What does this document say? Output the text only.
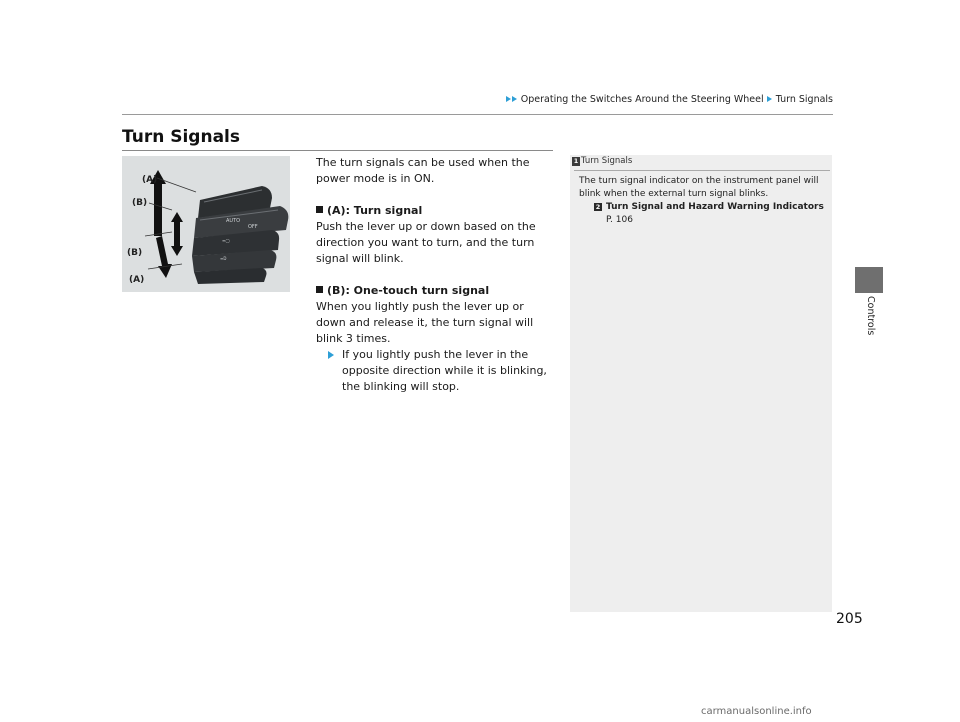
Operating the Switches Around the Steering Wheel Turn Signals
Turn Signals
AUTO
OFF
≡◯
≡D
(A)
(B)
(B)
(A)

The turn signals can be used when the power mode is in ON.

(A): Turn signal

Push the lever up or down based on the direction you want to turn, and the turn signal will blink.

(B): One-touch turn signal

When you lightly push the lever up or down and release it, the turn signal will blink 3 times.

If you lightly push the lever in the opposite direction while it is blinking, the blinking will stop.

1 Turn Signals
The turn signal indicator on the instrument panel will blink when the external turn signal blinks.
2 Turn Signal and Hazard Warning Indicators
P. 106
Controls
205
carmanualsonline.info
